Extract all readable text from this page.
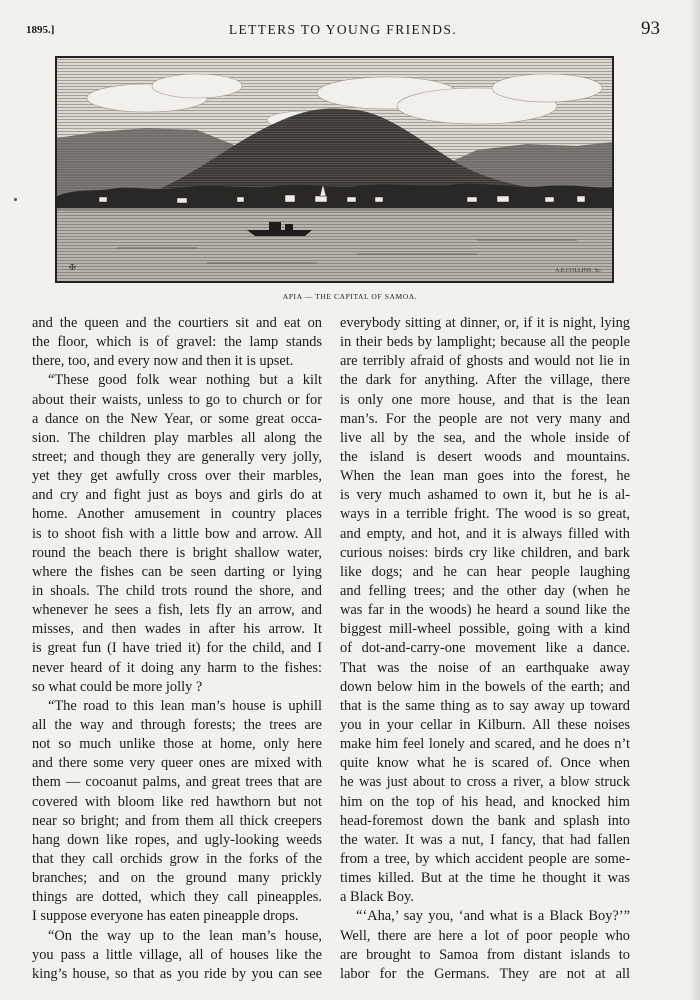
1895.]	LETTERS TO YOUNG FRIENDS.	93
A.E.COLLINS. Sc.
✠
APIA — THE CAPITAL OF SAMOA.
and the queen and the courtiers sit and eat on
the floor, which is of gravel: the lamp stands
there, too, and every now and then it is upset.
“These good folk wear nothing but a kilt
about their waists, unless to go to church or for
a dance on the New Year, or some great occa-
sion. The children play marbles all along the
street; and though they are generally very jolly,
yet they get awfully cross over their marbles,
and cry and fight just as boys and girls do at
home. Another amusement in country places
is to shoot fish with a little bow and arrow. All
round the beach there is bright shallow water,
where the fishes can be seen darting or lying
in shoals. The child trots round the shore, and
whenever he sees a fish, lets fly an arrow, and
misses, and then wades in after his arrow. It
is great fun (I have tried it) for the child, and I
never heard of it doing any harm to the fishes:
so what could be more jolly ?
“The road to this lean man’s house is uphill
all the way and through forests; the trees are
not so much unlike those at home, only here
and there some very queer ones are mixed with
them — cocoanut palms, and great trees that are
covered with bloom like red hawthorn but not
near so bright; and from them all thick creepers
hang down like ropes, and ugly-looking weeds
that they call orchids grow in the forks of the
branches; and on the ground many prickly
things are dotted, which they call pineapples.
I suppose everyone has eaten pineapple drops.
“On the way up to the lean man’s house,
you pass a little village, all of houses like the
king’s house, so that as you ride by you can see
everybody sitting at dinner, or, if it is night, lying
in their beds by lamplight; because all the people
are terribly afraid of ghosts and would not lie in
the dark for anything. After the village, there
is only one more house, and that is the lean
man’s. For the people are not very many and
live all by the sea, and the whole inside of
the island is desert woods and mountains.
When the lean man goes into the forest, he
is very much ashamed to own it, but he is al-
ways in a terrible fright. The wood is so great,
and empty, and hot, and it is always filled with
curious noises: birds cry like children, and bark
like dogs; and he can hear people laughing
and felling trees; and the other day (when he
was far in the woods) he heard a sound like the
biggest mill-wheel possible, going with a kind
of dot-and-carry-one movement like a dance.
That was the noise of an earthquake away
down below him in the bowels of the earth; and
that is the same thing as to say away up toward
you in your cellar in Kilburn. All these noises
make him feel lonely and scared, and he does n’t
quite know what he is scared of. Once when
he was just about to cross a river, a blow struck
him on the top of his head, and knocked him
head-foremost down the bank and splash into
the water. It was a nut, I fancy, that had fallen
from a tree, by which accident people are some-
times killed. But at the time he thought it was
a Black Boy.
“‘Aha,’ say you, ‘and what is a Black Boy?’”
Well, there are here a lot of poor people who
are brought to Samoa from distant islands to
labor for the Germans. They are not at all
